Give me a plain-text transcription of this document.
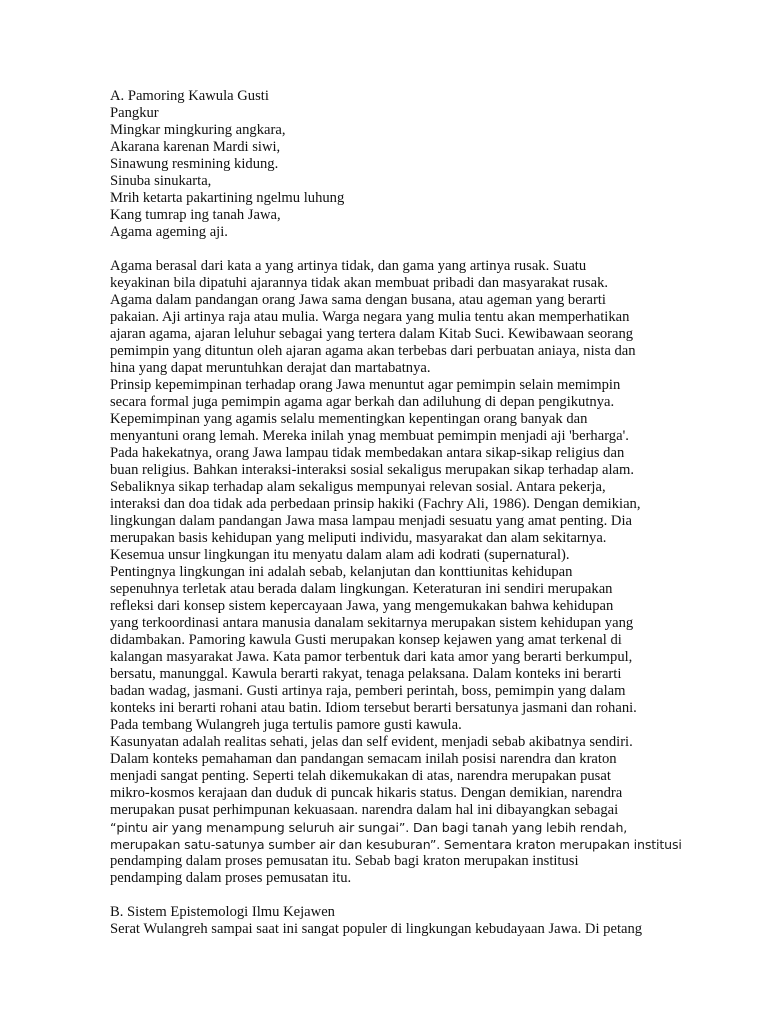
A. Pamoring Kawula Gusti
Pangkur
Mingkar mingkuring angkara,
Akarana karenan Mardi siwi,
Sinawung resmining kidung.
Sinuba sinukarta,
Mrih ketarta pakartining ngelmu luhung
Kang tumrap ing tanah Jawa,
Agama ageming aji.
Agama berasal dari kata a yang artinya tidak, dan gama yang artinya rusak. Suatu
keyakinan bila dipatuhi ajarannya tidak akan membuat pribadi dan masyarakat rusak.
Agama dalam pandangan orang Jawa sama dengan busana, atau ageman yang berarti
pakaian. Aji artinya raja atau mulia. Warga negara yang mulia tentu akan memperhatikan
ajaran agama, ajaran leluhur sebagai yang tertera dalam Kitab Suci. Kewibawaan seorang
pemimpin yang dituntun oleh ajaran agama akan terbebas dari perbuatan aniaya, nista dan
hina yang dapat meruntuhkan derajat dan martabatnya.
Prinsip kepemimpinan terhadap orang Jawa menuntut agar pemimpin selain memimpin
secara formal juga pemimpin agama agar berkah dan adiluhung di depan pengikutnya.
Kepemimpinan yang agamis selalu mementingkan kepentingan orang banyak dan
menyantuni orang lemah. Mereka inilah ynag membuat pemimpin menjadi aji 'berharga'.
Pada hakekatnya, orang Jawa lampau tidak membedakan antara sikap-sikap religius dan
buan religius. Bahkan interaksi-interaksi sosial sekaligus merupakan sikap terhadap alam.
Sebaliknya sikap terhadap alam sekaligus mempunyai relevan sosial. Antara pekerja,
interaksi dan doa tidak ada perbedaan prinsip hakiki (Fachry Ali, 1986). Dengan demikian,
lingkungan dalam pandangan Jawa masa lampau menjadi sesuatu yang amat penting. Dia
merupakan basis kehidupan yang meliputi individu, masyarakat dan alam sekitarnya.
Kesemua unsur lingkungan itu menyatu dalam alam adi kodrati (supernatural).
Pentingnya lingkungan ini adalah sebab, kelanjutan dan konttiunitas kehidupan
sepenuhnya terletak atau berada dalam lingkungan. Keteraturan ini sendiri merupakan
refleksi dari konsep sistem kepercayaan Jawa, yang mengemukakan bahwa kehidupan
yang terkoordinasi antara manusia danalam sekitarnya merupakan sistem kehidupan yang
didambakan. Pamoring kawula Gusti merupakan konsep kejawen yang amat terkenal di
kalangan masyarakat Jawa. Kata pamor terbentuk dari kata amor yang berarti berkumpul,
bersatu, manunggal. Kawula berarti rakyat, tenaga pelaksana. Dalam konteks ini berarti
badan wadag, jasmani. Gusti artinya raja, pemberi perintah, boss, pemimpin yang dalam
konteks ini berarti rohani atau batin. Idiom tersebut berarti bersatunya jasmani dan rohani.
Pada tembang Wulangreh juga tertulis pamore gusti kawula.
Kasunyatan adalah realitas sehati, jelas dan self evident, menjadi sebab akibatnya sendiri.
Dalam konteks pemahaman dan pandangan semacam inilah posisi narendra dan kraton
menjadi sangat penting. Seperti telah dikemukakan di atas, narendra merupakan pusat
mikro-kosmos kerajaan dan duduk di puncak hikaris status. Dengan demikian, narendra
merupakan pusat perhimpunan kekuasaan. narendra dalam hal ini dibayangkan sebagai
“pintu air yang menampung seluruh air sungai”. Dan bagi tanah yang lebih rendah,
merupakan satu-satunya sumber air dan kesuburan”. Sementara kraton merupakan institusi
pendamping dalam proses pemusatan itu. Sebab bagi kraton merupakan institusi
pendamping dalam proses pemusatan itu.
B. Sistem Epistemologi Ilmu Kejawen
Serat Wulangreh sampai saat ini sangat populer di lingkungan kebudayaan Jawa. Di petang
